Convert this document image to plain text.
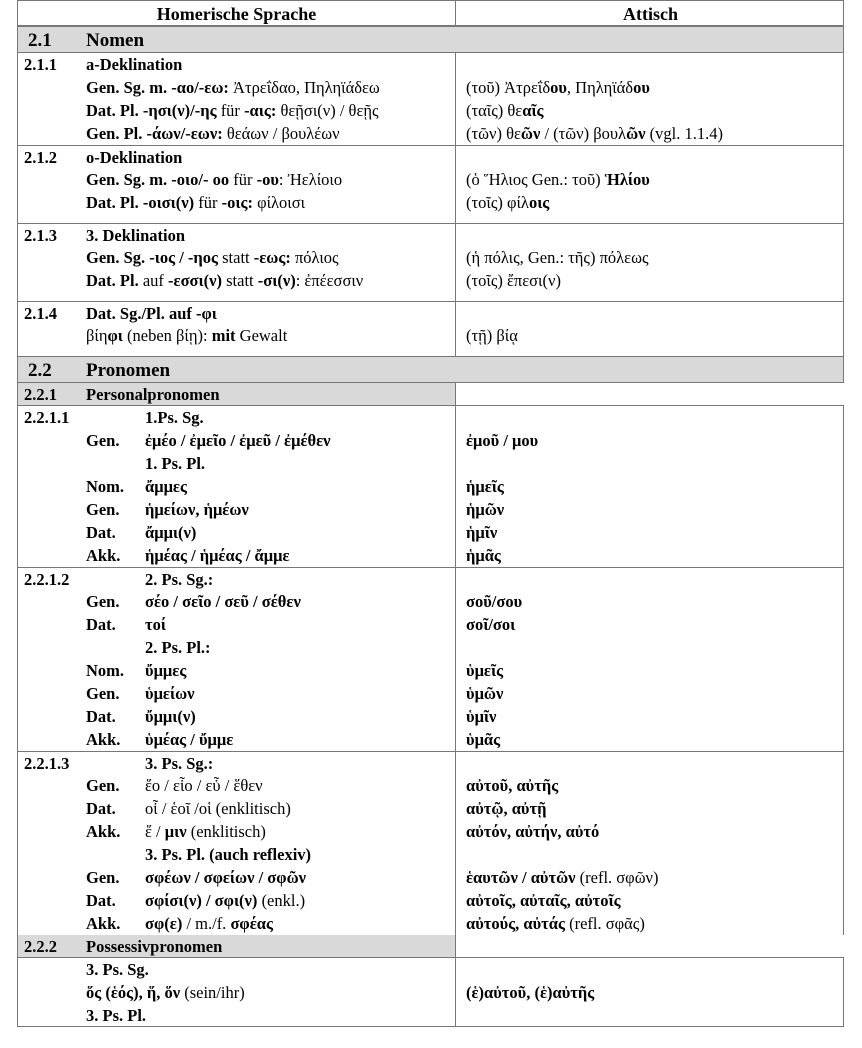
Homerische Sprache	Attisch
2.1 Nomen
2.1.1 a-Deklination
Gen. Sg. m. -αο/-εω: Ἀτρεΐδαο, Πηληϊάδεω	(τοῦ) Ἀτρεΐδου, Πηληϊάδου
Dat. Pl. -ησι(ν)/-ης für -αις: θεῇσι(ν) / θεῇς	(ταῖς) θεαῖς
Gen. Pl. -άων/-εων: θεάων / βουλέων	(τῶν) θεῶν / (τῶν) βουλῶν (vgl. 1.1.4)
2.1.2 o-Deklination
Gen. Sg. m. -οιο/- οο für -ου: Ἠελίοιο	(ὁ Ἥλιος Gen.: τοῦ) Ἡλίου
Dat. Pl. -οισι(ν) für -οις: φίλοισι	(τοῖς) φίλοις
2.1.3 3. Deklination
Gen. Sg. -ιος / -ηος statt -εως: πόλιος	(ἡ πόλις, Gen.: τῆς) πόλεως
Dat. Pl. auf -εσσι(ν) statt -σι(ν): ἐπέεσσιν	(τοῖς) ἔπεσι(ν)
2.1.4 Dat. Sg./Pl. auf -φι
βίηφι (neben βίῃ): mit Gewalt	(τῇ) βίᾳ
2.2 Pronomen
2.2.1 Personalpronomen
2.2.1.1	1.Ps. Sg.
Gen. ἐμέο / ἐμεῖο / ἐμεῦ / ἐμέθεν	ἐμοῦ / μου
1. Ps. Pl.
Nom. ἄμμες	ἡμεῖς
Gen. ἡμείων, ἡμέων	ἡμῶν
Dat. ἄμμι(ν)	ἡμῖν
Akk. ἡμέας / ἡμέας / ἄμμε	ἡμᾶς
2.2.1.2	2. Ps. Sg.:
Gen. σέο / σεῖο / σεῦ / σέθεν	σοῦ/σου
Dat. τοί	σοῖ/σοι
2. Ps. Pl.:
Nom. ὔμμες	ὑμεῖς
Gen. ὑμείων	ὑμῶν
Dat. ὔμμι(ν)	ὑμῖν
Akk. ὑμέας / ὔμμε	ὑμᾶς
2.2.1.3	3. Ps. Sg.:
Gen. ἕο / εἷο / εὗ / ἕθεν	αὐτοῦ, αὐτῆς
Dat. οἷ / ἑοῖ /οἱ (enklitisch)	αὐτῷ, αὐτῇ
Akk. ἕ / μιν (enklitisch)	αὐτόν, αὐτήν, αὐτό
3. Ps. Pl. (auch reflexiv)
Gen. σφέων / σφείων / σφῶν	ἑαυτῶν / αὐτῶν (refl. σφῶν)
Dat. σφίσι(ν) / σφι(ν) (enkl.)	αὐτοῖς, αὐταῖς, αὐτοῖς
Akk. σφ(ε) / m./f. σφέας	αὐτούς, αὐτάς (refl. σφᾶς)
2.2.2 Possessivpronomen
3. Ps. Sg.
ὅς (ἑός), ἥ, ὅν (sein/ihr)	(ἑ)αὐτοῦ, (ἑ)αὐτῆς
3. Ps. Pl.
